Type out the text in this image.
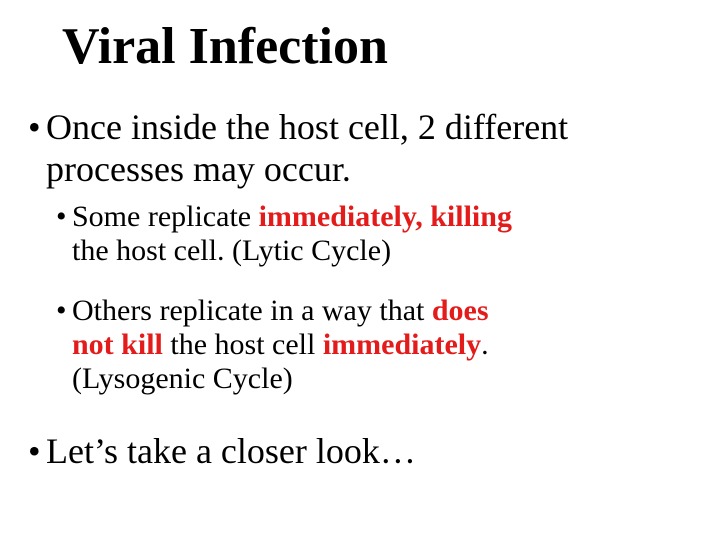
Viral Infection
• Once inside the host cell, 2 different
processes may occur.
• Some replicate immediately, killing
the host cell. (Lytic Cycle)
• Others replicate in a way that does
not kill the host cell immediately.
(Lysogenic Cycle)
• Let’s take a closer look…
